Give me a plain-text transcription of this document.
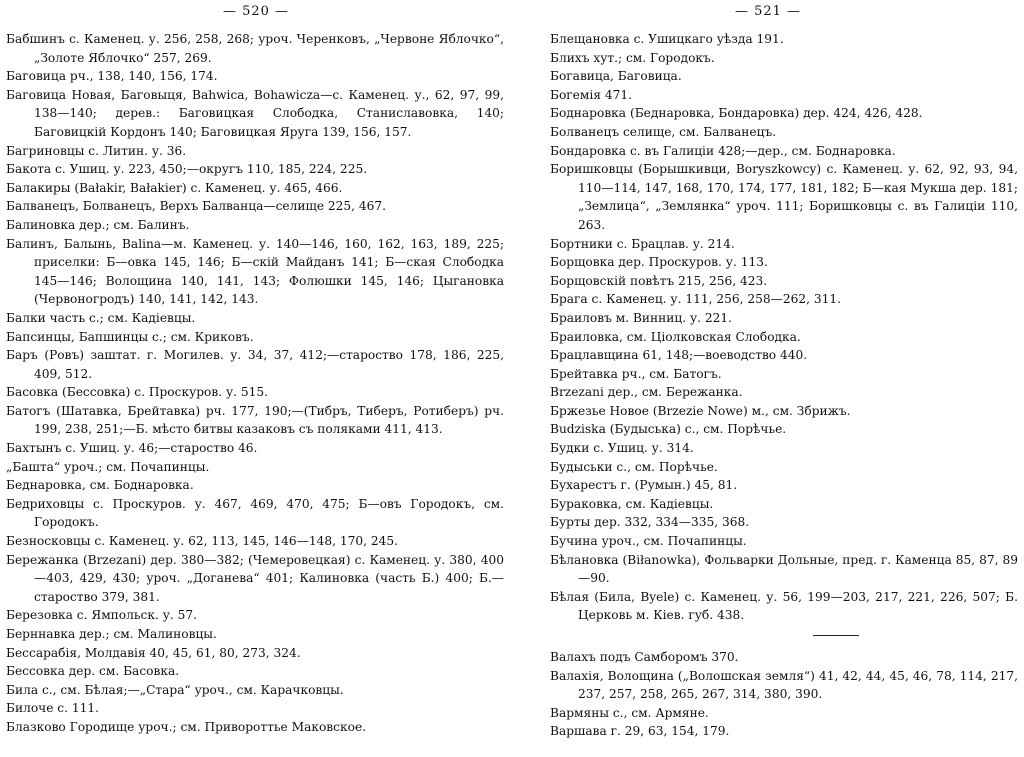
— 520 —

Бабшинъ с. Каменец. у. 256, 258, 268; уроч. Черенковъ, „Червоне Яблочко“, „Золоте Яблочко“ 257, 269.

Баговица рч., 138, 140, 156, 174.

Баговица Новая, Баговыця, Bahwica, Bohawicza—с. Каменец. у., 62, 97, 99, 138—140; дерев.: Баговицкая Слободка, Станиславовка, 140; Баговицкій Кордонъ 140; Баговицкая Яруга 139, 156, 157.

Багриновцы с. Литин. у. 36.

Бакота с. Ушиц. у. 223, 450;—округъ 110, 185, 224, 225.

Балакиры (Bałakir, Bałakier) с. Каменец. у. 465, 466.

Балванецъ, Болванецъ, Верхъ Балванца—селище 225, 467.

Балиновка дер.; см. Балинъ.

Балинъ, Балынь, Balina—м. Каменец. у. 140—146, 160, 162, 163, 189, 225; приселки: Б—овка 145, 146; Б—скій Майданъ 141; Б—ская Слободка 145—146; Волощина 140, 141, 143; Фолюшки 145, 146; Цыгановка (Червоногродъ) 140, 141, 142, 143.

Балки часть с.; см. Кадіевцы.

Бапсинцы, Бапшинцы с.; см. Криковъ.

Баръ (Ровъ) заштат. г. Могилев. у. 34, 37, 412;—староство 178, 186, 225, 409, 512.

Басовка (Бессовка) с. Проскуров. у. 515.

Батогъ (Шатавка, Брейтавка) рч. 177, 190;—(Тибръ, Тиберъ, Ротиберъ) рч. 199, 238, 251;—Б. мѣсто битвы казаковъ съ поляками 411, 413.

Бахтынъ с. Ушиц. у. 46;—староство 46.

„Башта“ уроч.; см. Почапинцы.

Беднаровка, см. Боднаровка.

Бедриховцы с. Проскуров. у. 467, 469, 470, 475; Б—овъ Городокъ, см. Городокъ.

Безносковцы с. Каменец. у. 62, 113, 145, 146—148, 170, 245.

Бережанка (Brzezani) дер. 380—382; (Чемеровецкая) с. Каменец. у. 380, 400—403, 429, 430; уроч. „Доганева“ 401; Калиновка (часть Б.) 400; Б.—староство 379, 381.

Березовка с. Ямпольск. у. 57.

Берннавка дер.; см. Малиновцы.

Бессарабія, Молдавія 40, 45, 61, 80, 273, 324.

Бессовка дер. см. Басовка.

Била с., см. Бѣлая;—„Стара“ уроч., см. Карачковцы.

Билоче с. 111.

Блазково Городище уроч.; см. Привороттье Маковское.

— 521 —

Блещановка с. Ушицкаго уѣзда 191.

Блихъ хут.; см. Городокъ.

Богавица, Баговица.

Богемія 471.

Боднаровка (Беднаровка, Бондаровка) дер. 424, 426, 428.

Болванецъ селище, см. Балванецъ.

Бондаровка с. въ Галиціи 428;—дер., см. Боднаровка.

Боришковцы (Борышкивци, Boryszkowcy) с. Каменец. у. 62, 92, 93, 94, 110—114, 147, 168, 170, 174, 177, 181, 182; Б—кая Мукша дер. 181; „Землица“, „Землянка“ уроч. 111; Боришковцы с. въ Галиціи 110, 263.

Бортники с. Брацлав. у. 214.

Борщовка дер. Проскуров. у. 113.

Борщовскій повѣтъ 215, 256, 423.

Брага с. Каменец. у. 111, 256, 258—262, 311.

Браиловъ м. Винниц. у. 221.

Браиловка, см. Ціолковская Слободка.

Брацлавщина 61, 148;—воеводство 440.

Брейтавка рч., см. Батогъ.

Brzezani дер., см. Бережанка.

Бржезье Новое (Brzezie Nowe) м., см. Збрижъ.

Budziska (Будыська) с., см. Порѣчье.

Будки с. Ушиц. у. 314.

Будыськи с., см. Порѣчье.

Бухарестъ г. (Румын.) 45, 81.

Бураковка, см. Кадіевцы.

Бурты дер. 332, 334—335, 368.

Бучина уроч., см. Почапинцы.

Бѣлановка (Biłanowka), Фольварки Дольные, пред. г. Каменца 85, 87, 89—90.

Бѣлая (Била, Byele) с. Каменец. у. 56, 199—203, 217, 221, 226, 507; Б. Церковь м. Кіев. губ. 438.

Валахъ подъ Самборомъ 370.

Валахія, Волощина („Волошская земля“) 41, 42, 44, 45, 46, 78, 114, 217, 237, 257, 258, 265, 267, 314, 380, 390.

Вармяны с., см. Армяне.

Варшава г. 29, 63, 154, 179.
